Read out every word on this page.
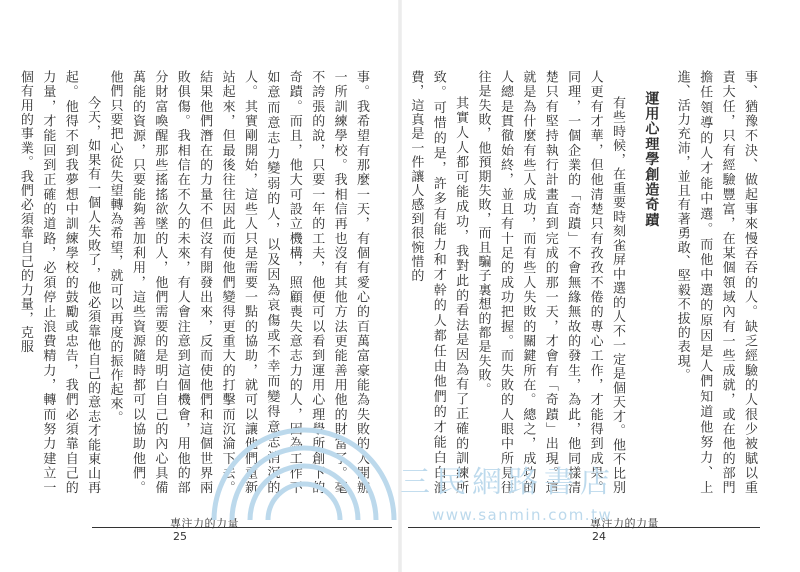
事。我希望有那麼一天，有個有愛心的百萬富豪能為失敗的人開辦一所訓練學校。我相信再也沒有其他方法更能善用他的財富了。毫不誇張的說，只要一年的工夫，他便可以看到運用心理學所創下的奇蹟。而且，他大可設立機構，照顧喪失意志力的人，因為工作不如意而意志力變弱的人，以及因為哀傷或不幸而變得意志消沉的人。其實剛開始，這些人只是需要一點的協助，就可以讓他們重新站起來，但最後往往因此而使他們變得更重大的打擊而沉淪下去。結果他們潛在的力量不但沒有開發出來，反而使他們和這個世界兩敗俱傷。我相信在不久的未來，有人會注意到這個機會，用他的部分財富喚醒那些搖搖欲墜的人，他們需要的是明白自己的內心具備萬能的資源，只要能夠善加利用，這些資源隨時都可以協助他們。他們只要把心從失望轉為希望，就可以再度的振作起來。

今天，如果有一個人失敗了，他必須靠他自己的意志才能東山再起。他得不到我夢想中訓練學校的鼓勵或忠告，我們必須靠自己的力量，才能回到正確的道路，必須停止浪費精力，轉而努力建立一個有用的事業。我們必須靠自己的力量，克服

專注力的力量
25

事、猶豫不決、做起事來慢吞吞的人。缺乏經驗的人很少被賦以重責大任，只有經驗豐富，在某個領域內有一些成就，或在他的部門擔任領導的人才能中選。而他中選的原因是人們知道他努力、上進、活力充沛，並且有著勇敢、堅毅不拔的表現。

運用心理學創造奇蹟

有些時候，在重要時刻雀屏中選的人不一定是個天才。他不比別人更有才華，但他清楚只有孜孜不倦的專心工作，才能得到成果。同理，一個企業的「奇蹟」不會無緣無故的發生，為此，他同樣清楚只有堅持執行計畫直到完成的那一天，才會有「奇蹟」出現。這就是為什麼有些人成功，而有些人失敗的關鍵所在。總之，成功的人總是貫徹始終，並且有十足的成功把握。而失敗的人眼中所見往往是失敗，他預期失敗，而且騙子裏想的都是失敗。

其實人人都可能成功，我對此的看法是因為有了正確的訓練所致。可惜的是，許多有能力和才幹的人都任由他們的才能白白浪費，這真是一件讓人感到很惋惜的

專注力的力量
24
三民網路書店
www.sanmin.com.tw
